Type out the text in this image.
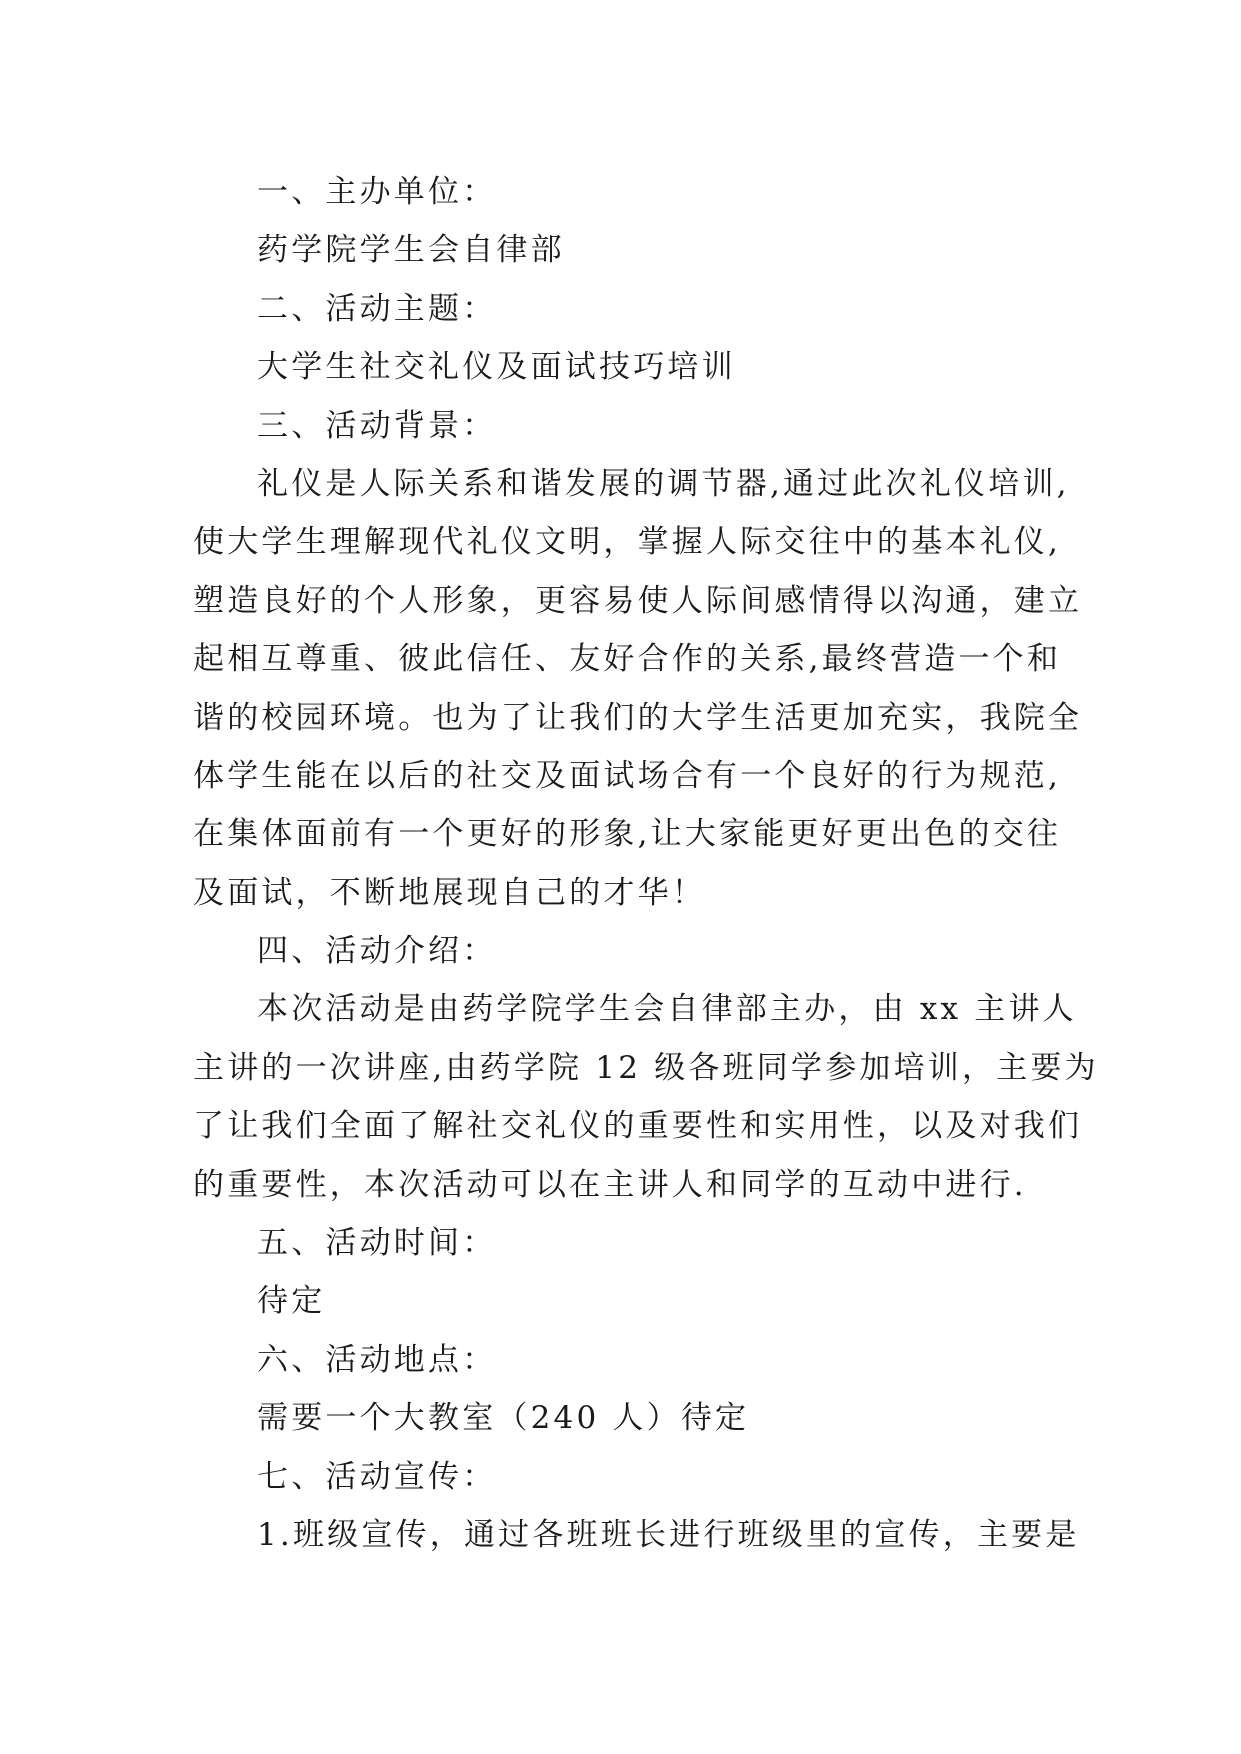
一、主办单位：
药学院学生会自律部
二、活动主题：
大学生社交礼仪及面试技巧培训
三、活动背景：
礼仪是人际关系和谐发展的调节器,通过此次礼仪培训,
使大学生理解现代礼仪文明，掌握人际交往中的基本礼仪,
塑造良好的个人形象，更容易使人际间感情得以沟通，建立
起相互尊重、彼此信任、友好合作的关系,最终营造一个和
谐的校园环境。也为了让我们的大学生活更加充实，我院全
体学生能在以后的社交及面试场合有一个良好的行为规范,
在集体面前有一个更好的形象,让大家能更好更出色的交往
及面试，不断地展现自己的才华！
四、活动介绍：
本次活动是由药学院学生会自律部主办，由 xx 主讲人
主讲的一次讲座,由药学院 12 级各班同学参加培训，主要为
了让我们全面了解社交礼仪的重要性和实用性，以及对我们
的重要性，本次活动可以在主讲人和同学的互动中进行.
五、活动时间：
待定
六、活动地点：
需要一个大教室（240 人）待定
七、活动宣传：
1.班级宣传，通过各班班长进行班级里的宣传，主要是
